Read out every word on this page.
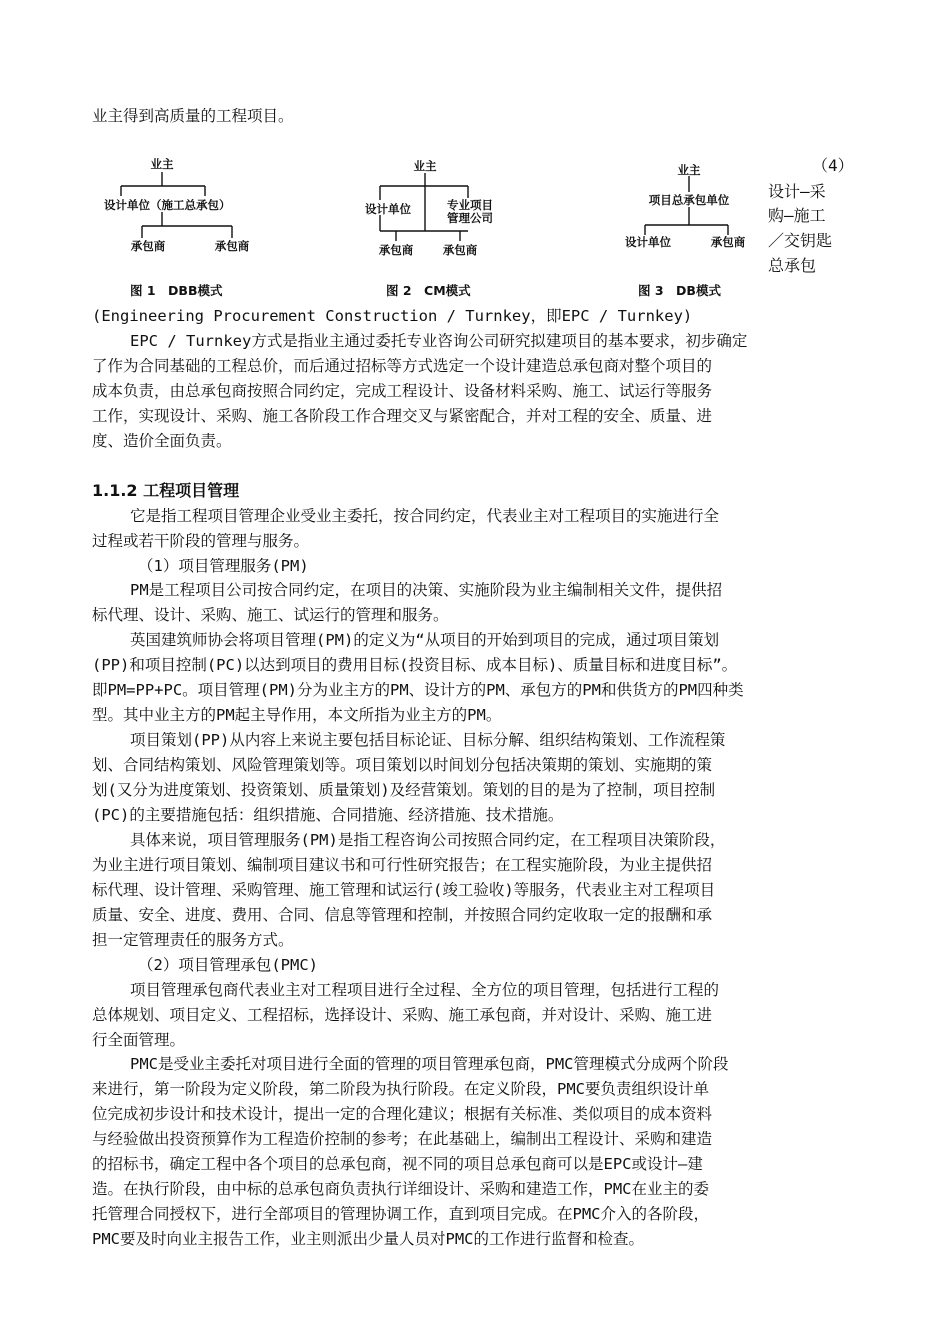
业主得到高质量的工程项目。
业主
设计单位（施工总承包）
承包商	承包商
业主
设计单位	专业项目
管理公司
承包商	承包商
业主
项目总承包单位
设计单位	承包商
图 1　DBB模式	图 2　CM模式	图 3　DB模式
（4）
设计—采
购—施工
／交钥匙
总承包
(Engineering Procurement Construction / Turnkey，即EPC / Turnkey)
EPC / Turnkey方式是指业主通过委托专业咨询公司研究拟建项目的基本要求，初步确定
了作为合同基础的工程总价，而后通过招标等方式选定一个设计建造总承包商对整个项目的
成本负责，由总承包商按照合同约定，完成工程设计、设备材料采购、施工、试运行等服务
工作，实现设计、采购、施工各阶段工作合理交叉与紧密配合，并对工程的安全、质量、进
度、造价全面负责。
1.1.2 工程项目管理
它是指工程项目管理企业受业主委托，按合同约定，代表业主对工程项目的实施进行全
过程或若干阶段的管理与服务。
（1）项目管理服务(PM)
PM是工程项目公司按合同约定，在项目的决策、实施阶段为业主编制相关文件，提供招
标代理、设计、采购、施工、试运行的管理和服务。
英国建筑师协会将项目管理(PM)的定义为“从项目的开始到项目的完成，通过项目策划
(PP)和项目控制(PC)以达到项目的费用目标(投资目标、成本目标)、质量目标和进度目标”。
即PM=PP+PC。项目管理(PM)分为业主方的PM、设计方的PM、承包方的PM和供货方的PM四种类
型。其中业主方的PM起主导作用，本文所指为业主方的PM。
项目策划(PP)从内容上来说主要包括目标论证、目标分解、组织结构策划、工作流程策
划、合同结构策划、风险管理策划等。项目策划以时间划分包括决策期的策划、实施期的策
划(又分为进度策划、投资策划、质量策划)及经营策划。策划的目的是为了控制，项目控制
(PC)的主要措施包括：组织措施、合同措施、经济措施、技术措施。
具体来说，项目管理服务(PM)是指工程咨询公司按照合同约定，在工程项目决策阶段，
为业主进行项目策划、编制项目建议书和可行性研究报告；在工程实施阶段，为业主提供招
标代理、设计管理、采购管理、施工管理和试运行(竣工验收)等服务，代表业主对工程项目
质量、安全、进度、费用、合同、信息等管理和控制，并按照合同约定收取一定的报酬和承
担一定管理责任的服务方式。
（2）项目管理承包(PMC)
项目管理承包商代表业主对工程项目进行全过程、全方位的项目管理，包括进行工程的
总体规划、项目定义、工程招标，选择设计、采购、施工承包商，并对设计、采购、施工进
行全面管理。
PMC是受业主委托对项目进行全面的管理的项目管理承包商，PMC管理模式分成两个阶段
来进行，第一阶段为定义阶段，第二阶段为执行阶段。在定义阶段，PMC要负责组织设计单
位完成初步设计和技术设计，提出一定的合理化建议；根据有关标准、类似项目的成本资料
与经验做出投资预算作为工程造价控制的参考；在此基础上，编制出工程设计、采购和建造
的招标书，确定工程中各个项目的总承包商，视不同的项目总承包商可以是EPC或设计—建
造。在执行阶段，由中标的总承包商负责执行详细设计、采购和建造工作，PMC在业主的委
托管理合同授权下，进行全部项目的管理协调工作，直到项目完成。在PMC介入的各阶段，
PMC要及时向业主报告工作，业主则派出少量人员对PMC的工作进行监督和检查。
